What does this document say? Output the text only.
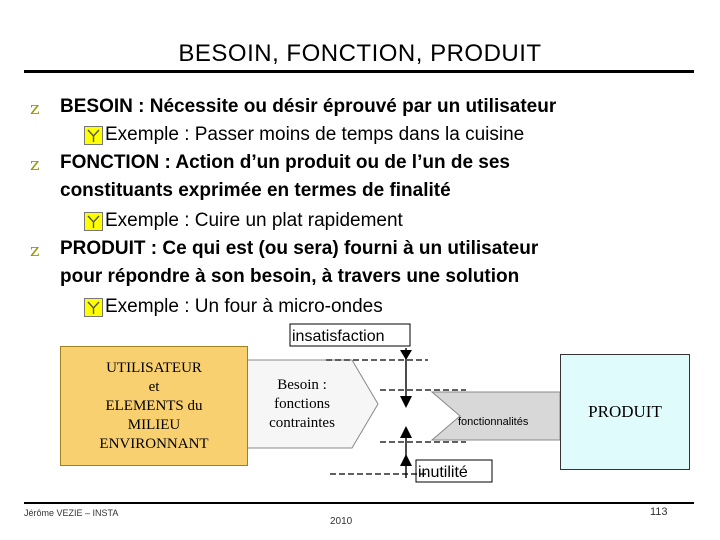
BESOIN, FONCTION, PRODUIT
z BESOIN : Nécessite ou désir éprouvé par un utilisateur
Exemple : Passer moins de temps dans la cuisine
z FONCTION : Action d’un produit ou de l’un de ses
constituants exprimée en termes de finalité
Exemple : Cuire un plat rapidement
z PRODUIT : Ce qui est (ou sera) fourni à un utilisateur
pour répondre à son besoin, à travers une solution
Exemple : Un four à micro-ondes
UTILISATEUR
et
ELEMENTS du
MILIEU
ENVIRONNANT
Besoin :
fonctions
contraintes
insatisfaction
inutilité
fonctionnalités
PRODUIT
Jérôme VEZIE – INSTA
2010
113
